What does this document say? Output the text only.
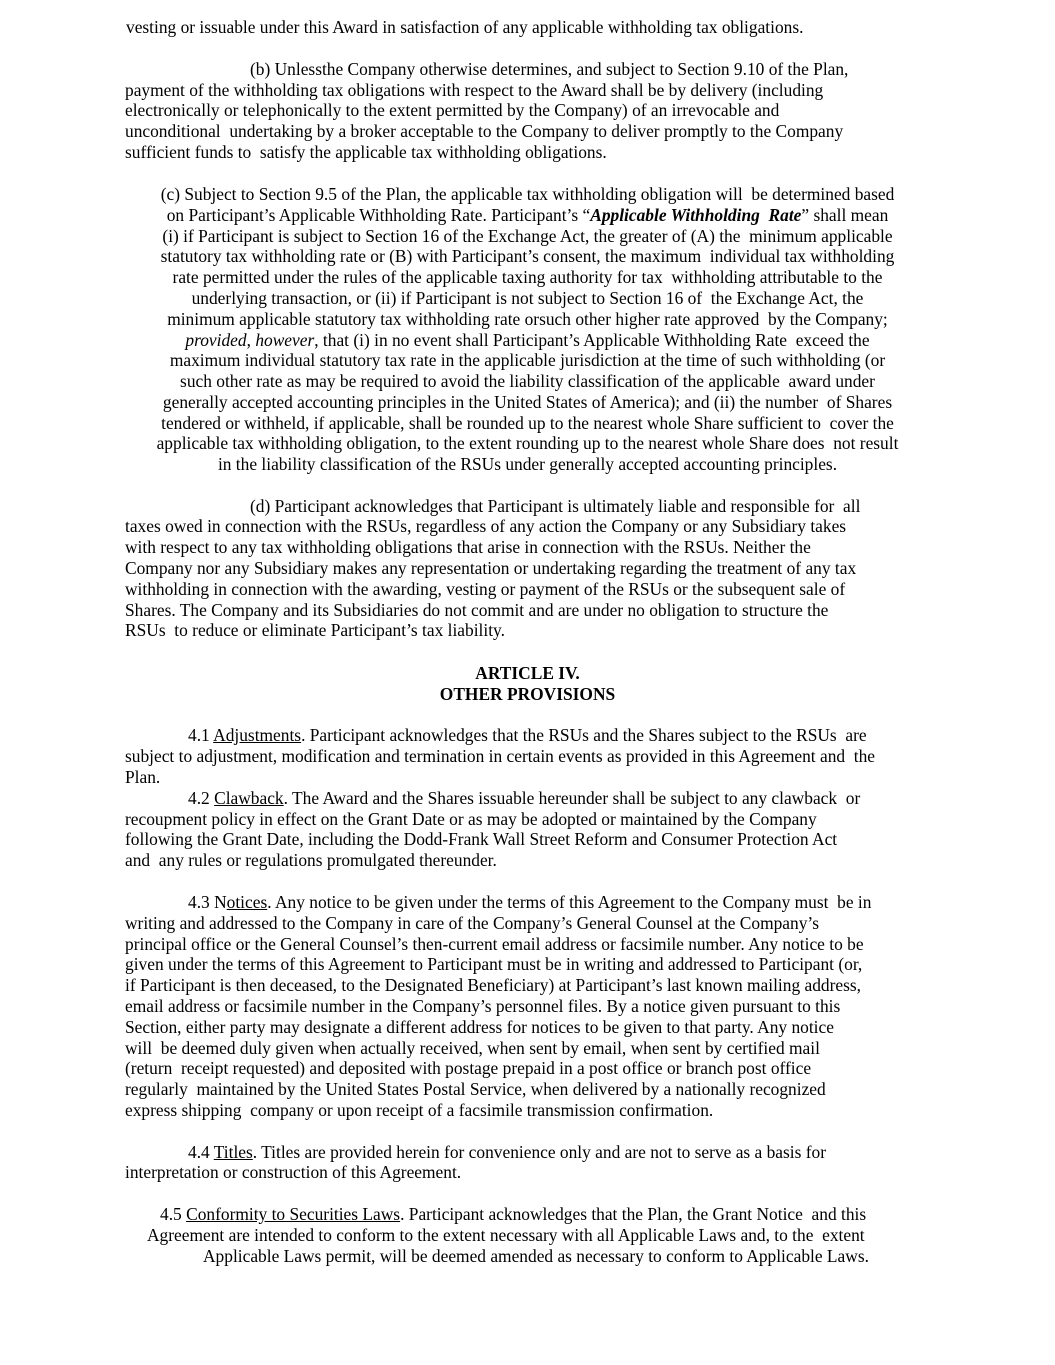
vesting or issuable under this Award in satisfaction of any applicable withholding tax obligations.

(b) Unlessthe Company otherwise determines, and subject to Section 9.10 of the Plan,

payment of the withholding tax obligations with respect to the Award shall be by delivery (including

electronically or telephonically to the extent permitted by the Company) of an irrevocable and

unconditional  undertaking by a broker acceptable to the Company to deliver promptly to the Company

sufficient funds to  satisfy the applicable tax withholding obligations.

(c) Subject to Section 9.5 of the Plan, the applicable tax withholding obligation will  be determined based

on Participant’s Applicable Withholding Rate. Participant’s “Applicable Withholding  Rate” shall mean

(i) if Participant is subject to Section 16 of the Exchange Act, the greater of (A) the  minimum applicable

statutory tax withholding rate or (B) with Participant’s consent, the maximum  individual tax withholding

rate permitted under the rules of the applicable taxing authority for tax  withholding attributable to the

underlying transaction, or (ii) if Participant is not subject to Section 16 of  the Exchange Act, the

minimum applicable statutory tax withholding rate orsuch other higher rate approved  by the Company;

provided, however, that (i) in no event shall Participant’s Applicable Withholding Rate  exceed the

maximum individual statutory tax rate in the applicable jurisdiction at the time of such withholding (or

such other rate as may be required to avoid the liability classification of the applicable  award under

generally accepted accounting principles in the United States of America); and (ii) the number  of Shares

tendered or withheld, if applicable, shall be rounded up to the nearest whole Share sufficient to  cover the

applicable tax withholding obligation, to the extent rounding up to the nearest whole Share does  not result

in the liability classification of the RSUs under generally accepted accounting principles.

(d) Participant acknowledges that Participant is ultimately liable and responsible for  all

taxes owed in connection with the RSUs, regardless of any action the Company or any Subsidiary takes

with respect to any tax withholding obligations that arise in connection with the RSUs. Neither the

Company nor any Subsidiary makes any representation or undertaking regarding the treatment of any tax

withholding in connection with the awarding, vesting or payment of the RSUs or the subsequent sale of

Shares. The Company and its Subsidiaries do not commit and are under no obligation to structure the

RSUs  to reduce or eliminate Participant’s tax liability.

ARTICLE IV.

OTHER PROVISIONS

4.1 Adjustments. Participant acknowledges that the RSUs and the Shares subject to the RSUs  are

subject to adjustment, modification and termination in certain events as provided in this Agreement and  the

Plan.

4.2 Clawback. The Award and the Shares issuable hereunder shall be subject to any clawback  or

recoupment policy in effect on the Grant Date or as may be adopted or maintained by the Company

following the Grant Date, including the Dodd-Frank Wall Street Reform and Consumer Protection Act

and  any rules or regulations promulgated thereunder.

4.3 Notices. Any notice to be given under the terms of this Agreement to the Company must  be in

writing and addressed to the Company in care of the Company’s General Counsel at the Company’s

principal office or the General Counsel’s then-current email address or facsimile number. Any notice to be

given under the terms of this Agreement to Participant must be in writing and addressed to Participant (or,

if Participant is then deceased, to the Designated Beneficiary) at Participant’s last known mailing address,

email address or facsimile number in the Company’s personnel files. By a notice given pursuant to this

Section, either party may designate a different address for notices to be given to that party. Any notice

will  be deemed duly given when actually received, when sent by email, when sent by certified mail

(return  receipt requested) and deposited with postage prepaid in a post office or branch post office

regularly  maintained by the United States Postal Service, when delivered by a nationally recognized

express shipping  company or upon receipt of a facsimile transmission confirmation.

4.4 Titles. Titles are provided herein for convenience only and are not to serve as a basis for

interpretation or construction of this Agreement.

4.5 Conformity to Securities Laws. Participant acknowledges that the Plan, the Grant Notice  and this

Agreement are intended to conform to the extent necessary with all Applicable Laws and, to the  extent

Applicable Laws permit, will be deemed amended as necessary to conform to Applicable Laws.
